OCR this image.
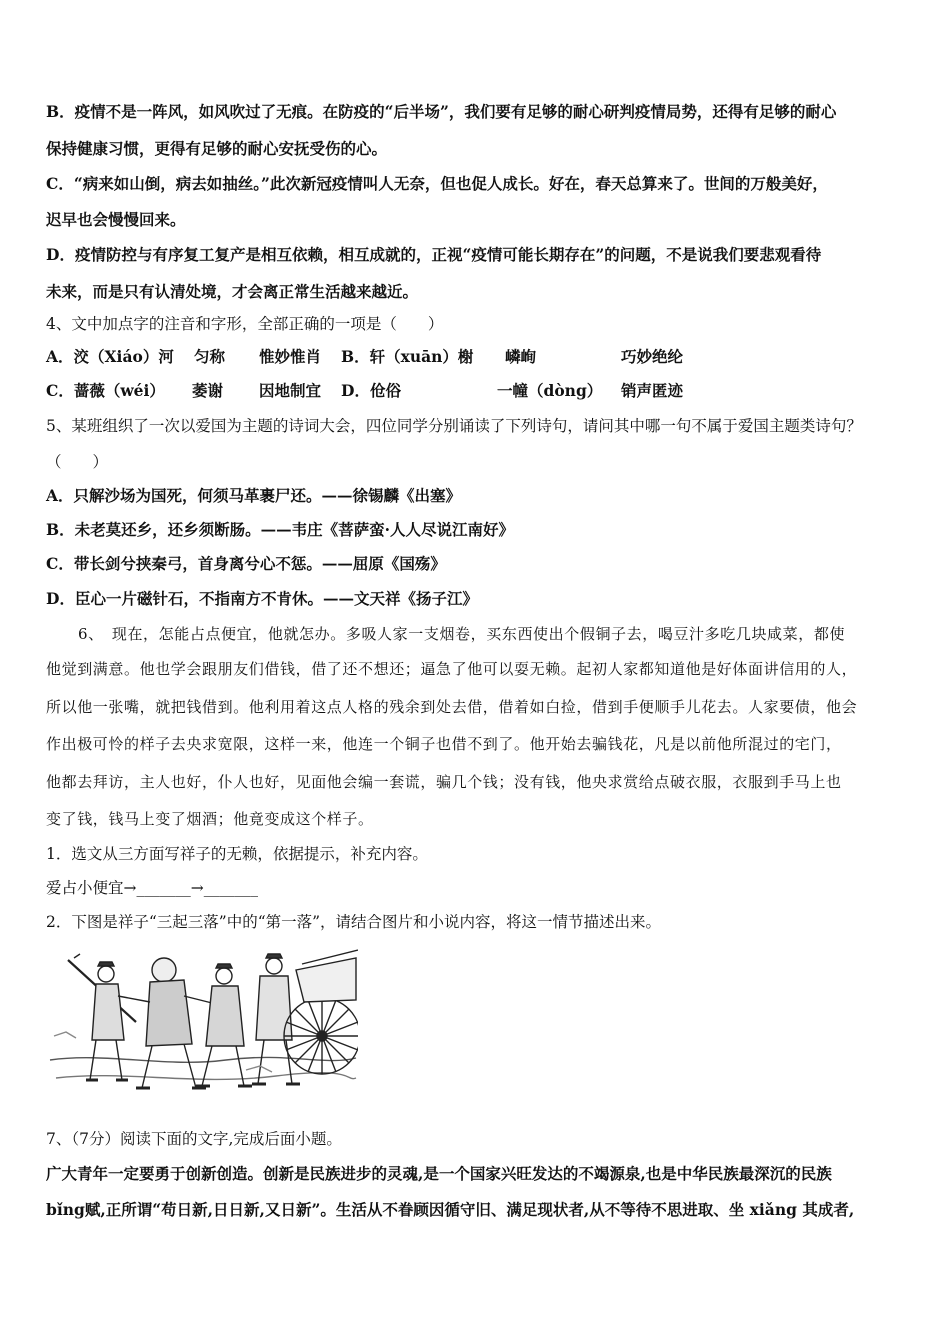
B．疫情不是一阵风，如风吹过了无痕。在防疫的“后半场”，我们要有足够的耐心研判疫情局势，还得有足够的耐心
保持健康习惯，更得有足够的耐心安抚受伤的心。
C．“病来如山倒，病去如抽丝。”此次新冠疫情叫人无奈，但也促人成长。好在，春天总算来了。世间的万般美好，
迟早也会慢慢回来。
D．疫情防控与有序复工复产是相互依赖，相互成就的，正视“疫情可能长期存在”的问题，不是说我们要悲观看待
未来，而是只有认清处境，才会离正常生活越来越近。
4、文中加点字的注音和字形，全部正确的一项是（　　）
A．洨（Xiáo）河 匀称 惟妙惟肖 B．轩（xuān）榭 嶙峋	巧妙绝纶
C．蔷薇（wéi） 萎谢 因地制宜 D．伧俗	一幢（dòng） 销声匿迹
5、某班组织了一次以爱国为主题的诗词大会，四位同学分别诵读了下列诗句，请问其中哪一句不属于爱国主题类诗句？
（　　）
A．只解沙场为国死，何须马革裹尸还。——徐锡麟《出塞》
B．未老莫还乡，还乡须断肠。——韦庄《菩萨蛮·人人尽说江南好》
C．带长剑兮挟秦弓，首身离兮心不惩。——屈原《国殇》
D．臣心一片磁针石，不指南方不肯休。——文天祥《扬子江》
6、　现在，怎能占点便宜，他就怎办。多吸人家一支烟卷，买东西使出个假铜子去，喝豆汁多吃几块咸菜，都使
他觉到满意。他也学会跟朋友们借钱，借了还不想还；逼急了他可以耍无赖。起初人家都知道他是好体面讲信用的人，
所以他一张嘴，就把钱借到。他利用着这点人格的残余到处去借，借着如白捡，借到手便顺手儿花去。人家要债，他会
作出极可怜的样子去央求宽限，这样一来，他连一个铜子也借不到了。他开始去骗钱花，凡是以前他所混过的宅门，
他都去拜访，主人也好，仆人也好，见面他会编一套谎，骗几个钱；没有钱，他央求赏给点破衣服，衣服到手马上也
变了钱，钱马上变了烟酒；他竟变成这个样子。
1．选文从三方面写祥子的无赖，依据提示，补充内容。
爱占小便宜→_______→_______
2．下图是祥子“三起三落”中的“第一落”，请结合图片和小说内容，将这一情节描述出来。
7、（7分）阅读下面的文字,完成后面小题。
广大青年一定要勇于创新创造。创新是民族进步的灵魂,是一个国家兴旺发达的不竭源泉,也是中华民族最深沉的民族
bǐng赋,正所谓“苟日新,日日新,又日新”。生活从不眷顾因循守旧、满足现状者,从不等待不思进取、坐 xiǎng 其成者,
